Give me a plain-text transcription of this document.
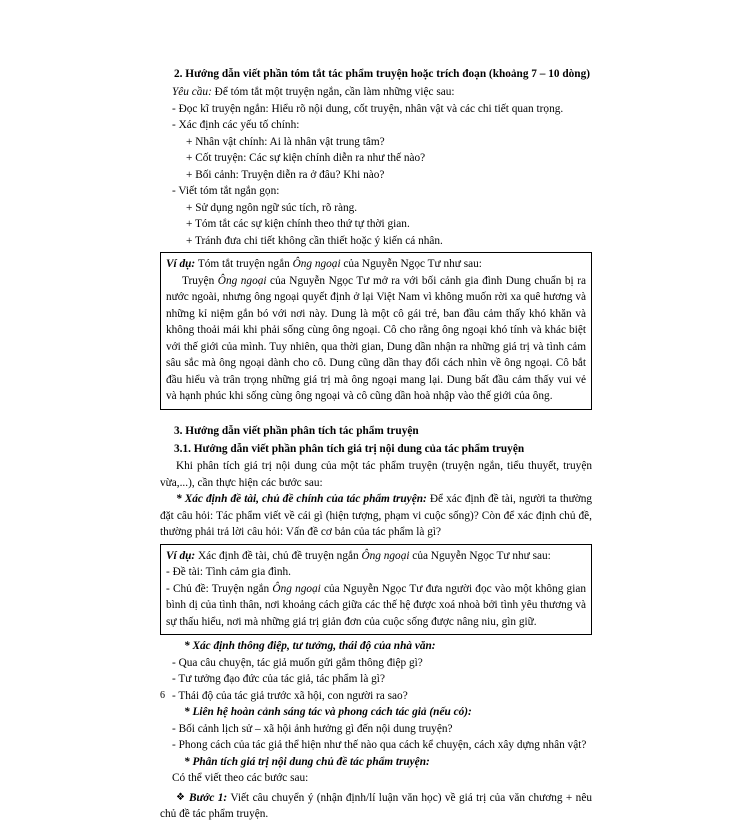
2. Hướng dẫn viết phần tóm tắt tác phẩm truyện hoặc trích đoạn (khoảng 7 – 10 dòng)

Yêu cầu: Để tóm tắt một truyện ngắn, cần làm những việc sau:

- Đọc kĩ truyện ngắn: Hiểu rõ nội dung, cốt truyện, nhân vật và các chi tiết quan trọng.

- Xác định các yếu tố chính:

+ Nhân vật chính: Ai là nhân vật trung tâm?

+ Cốt truyện: Các sự kiện chính diễn ra như thế nào?

+ Bối cảnh: Truyện diễn ra ở đâu? Khi nào?

- Viết tóm tắt ngắn gọn:

+ Sử dụng ngôn ngữ súc tích, rõ ràng.

+ Tóm tắt các sự kiện chính theo thứ tự thời gian.

+ Tránh đưa chi tiết không cần thiết hoặc ý kiến cá nhân.

Ví dụ: Tóm tắt truyện ngắn Ông ngoại của Nguyễn Ngọc Tư như sau:

Truyện Ông ngoại của Nguyễn Ngọc Tư mở ra với bối cảnh gia đình Dung chuẩn bị ra nước ngoài, nhưng ông ngoại quyết định ở lại Việt Nam vì không muốn rời xa quê hương và những kỉ niệm gắn bó với nơi này. Dung là một cô gái trẻ, ban đầu cảm thấy khó khăn và không thoải mái khi phải sống cùng ông ngoại. Cô cho rằng ông ngoại khó tính và khác biệt với thế giới của mình. Tuy nhiên, qua thời gian, Dung dần nhận ra những giá trị và tình cảm sâu sắc mà ông ngoại dành cho cô. Dung cũng dần thay đổi cách nhìn về ông ngoại. Cô bắt đầu hiểu và trân trọng những giá trị mà ông ngoại mang lại. Dung bất đầu cảm thấy vui vẻ và hạnh phúc khi sống cùng ông ngoại và cô cũng dần hoà nhập vào thế giới của ông.

3. Hướng dẫn viết phần phân tích tác phẩm truyện

3.1. Hướng dẫn viết phần phân tích giá trị nội dung của tác phẩm truyện

Khi phân tích giá trị nội dung của một tác phẩm truyện (truyện ngắn, tiểu thuyết, truyện vừa,...), cần thực hiện các bước sau:

* Xác định đề tài, chủ đề chính của tác phẩm truyện: Để xác định đề tài, người ta thường đặt câu hỏi: Tác phẩm viết về cái gì (hiện tượng, phạm vi cuộc sống)? Còn để xác định chủ đề, thường phải trả lời câu hỏi: Vấn đề cơ bản của tác phẩm là gì?

Ví dụ: Xác định đề tài, chủ đề truyện ngắn Ông ngoại của Nguyễn Ngọc Tư như sau:

- Đề tài: Tình cảm gia đình.

- Chủ đề: Truyện ngắn Ông ngoại của Nguyễn Ngọc Tư đưa người đọc vào một không gian bình dị của tình thân, nơi khoảng cách giữa các thế hệ được xoá nhoà bởi tình yêu thương và sự thấu hiểu, nơi mà những giá trị giản đơn của cuộc sống được nâng niu, gìn giữ.

* Xác định thông điệp, tư tưởng, thái độ của nhà văn:

- Qua câu chuyện, tác giả muốn gửi gắm thông điệp gì?

- Tư tưởng đạo đức của tác giả, tác phẩm là gì?

- Thái độ của tác giả trước xã hội, con người ra sao?

* Liên hệ hoàn cảnh sáng tác và phong cách tác giả (nếu có):

- Bối cảnh lịch sử – xã hội ảnh hưởng gì đến nội dung truyện?

- Phong cách của tác giả thể hiện như thế nào qua cách kể chuyện, cách xây dựng nhân vật?

* Phân tích giá trị nội dung chủ đề tác phẩm truyện:

Có thể viết theo các bước sau:

❖ Bước 1: Viết câu chuyển ý (nhận định/lí luận văn học) về giá trị của văn chương + nêu chủ đề tác phẩm truyện.

6
